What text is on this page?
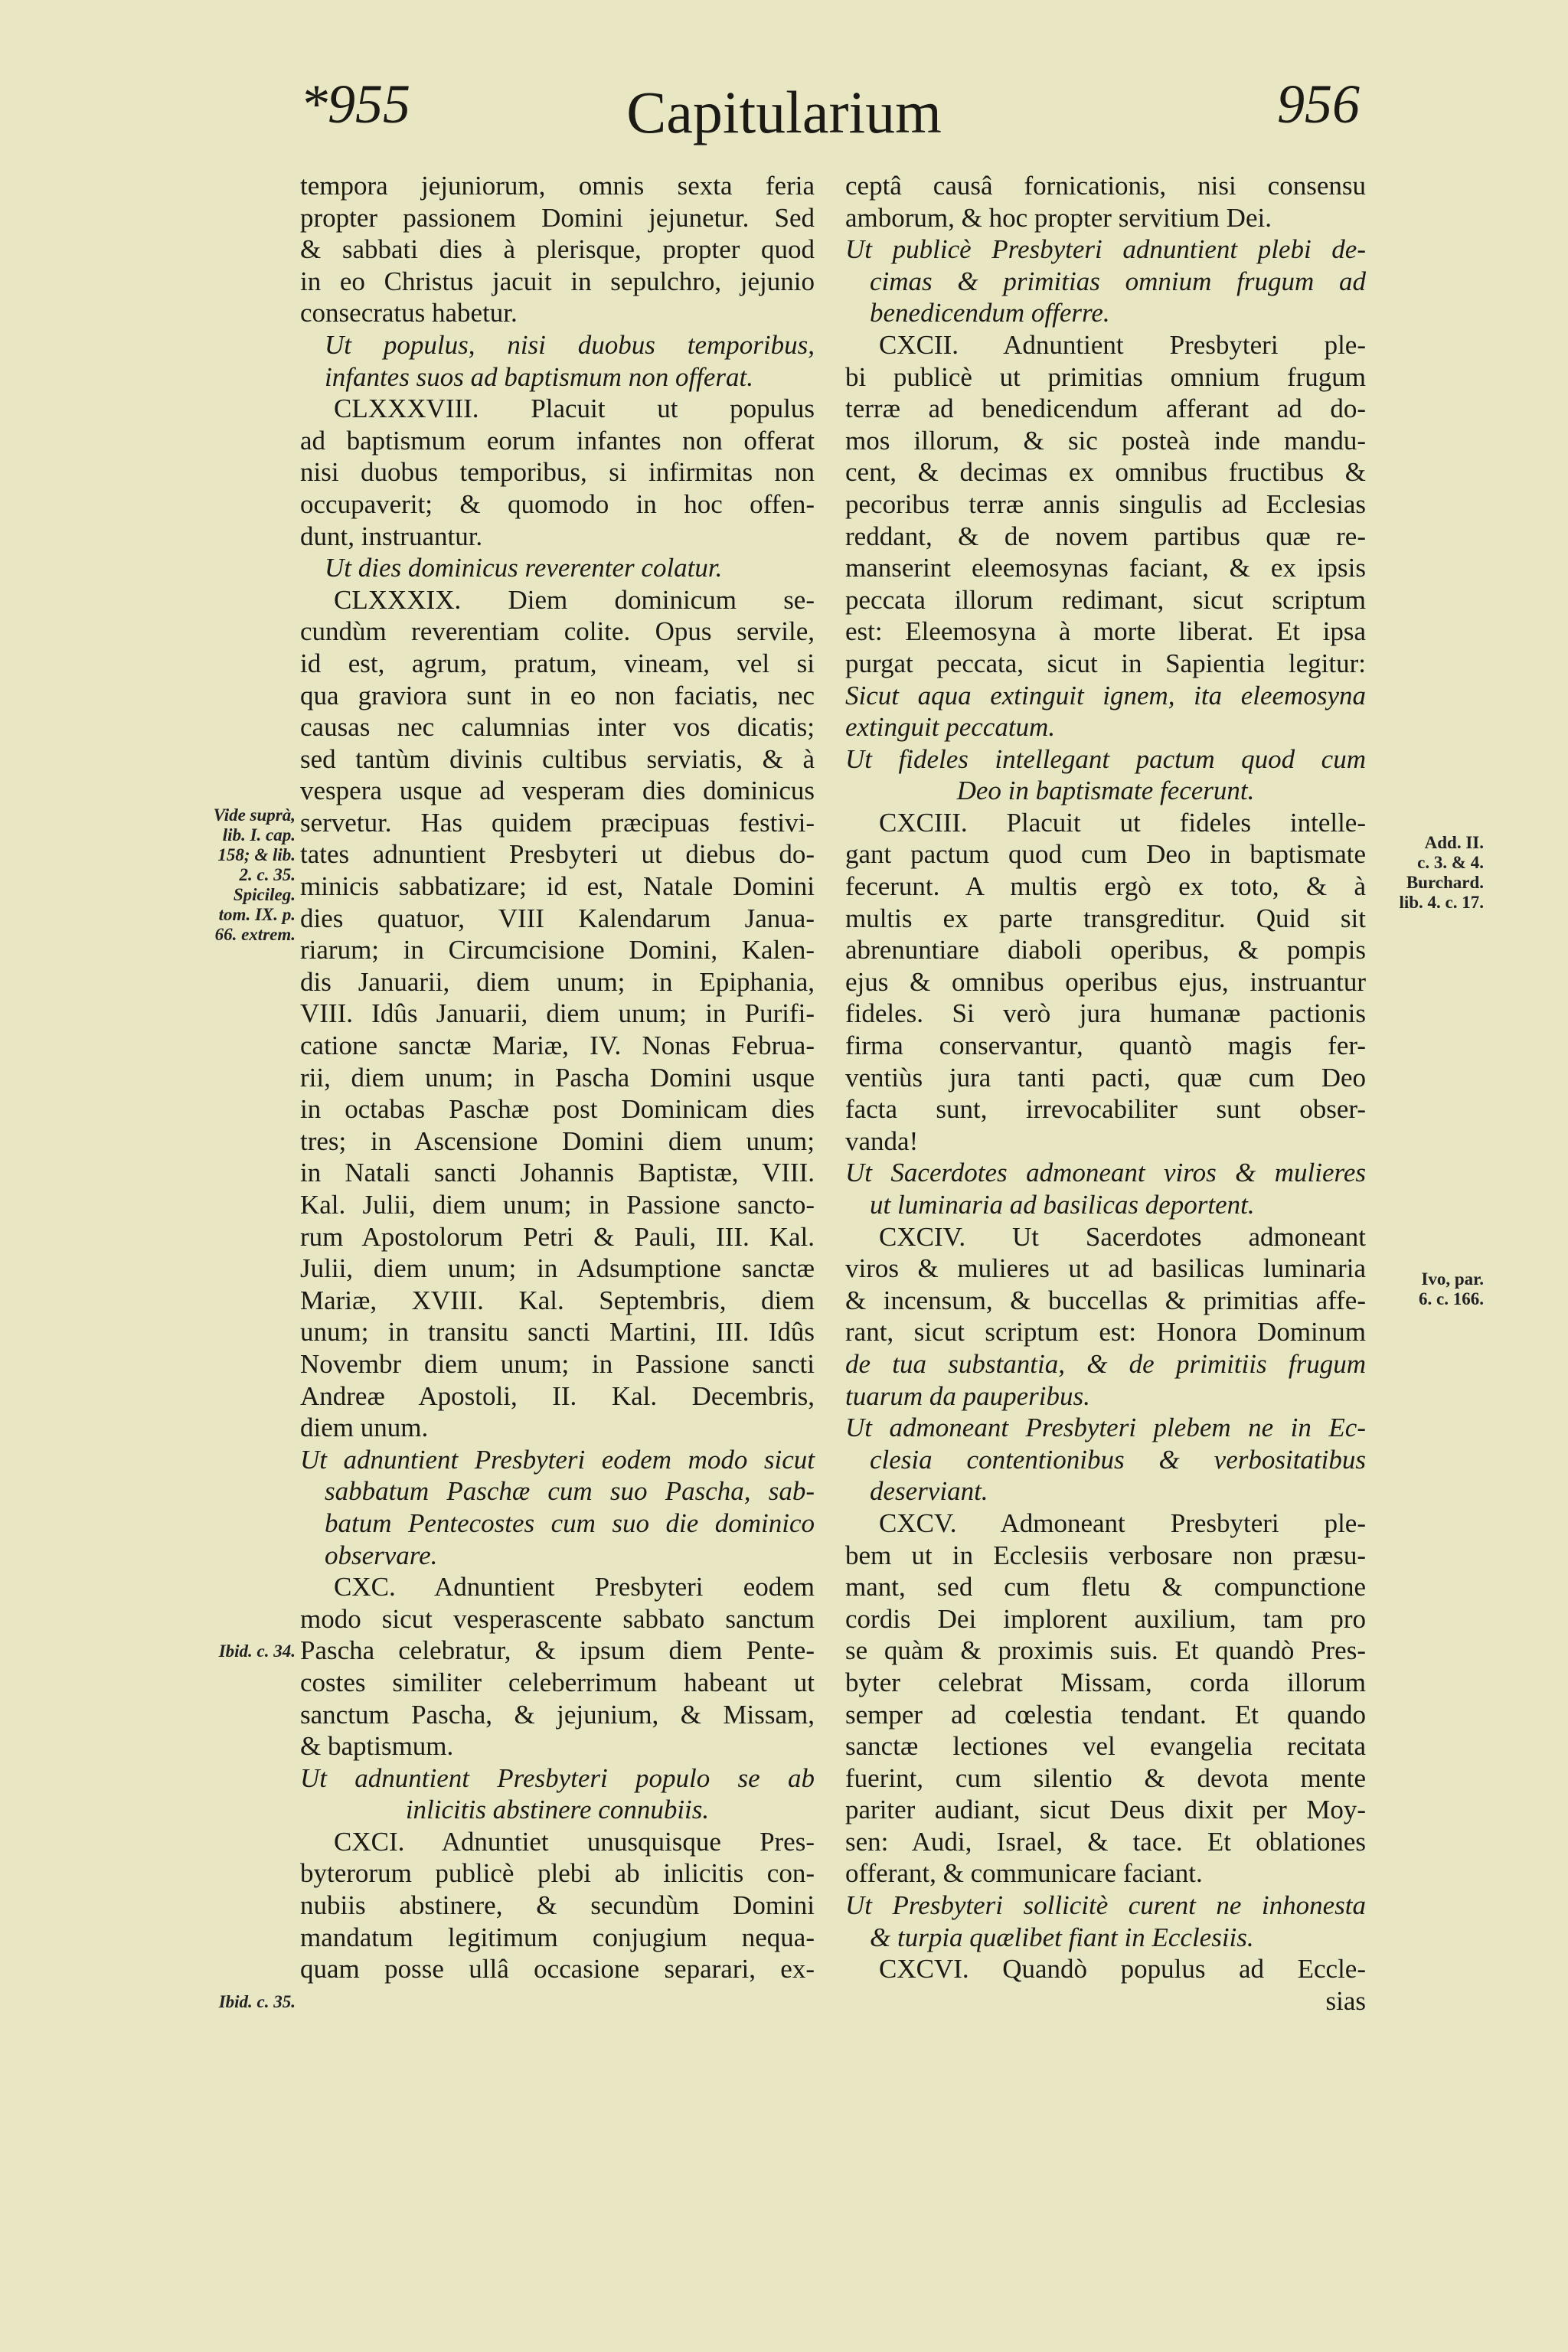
*955	Capitularium	956
tempora jejuniorum, omnis sexta feria
propter passionem Domini jejunetur. Sed
& sabbati dies à plerisque, propter quod
in eo Christus jacuit in sepulchro, jejunio
consecratus habetur.
Ut populus, nisi duobus temporibus,
infantes suos ad baptismum non offerat.
CLXXXVIII. Placuit ut populus
ad baptismum eorum infantes non offerat
nisi duobus temporibus, si infirmitas non
occupaverit; & quomodo in hoc offen-
dunt, instruantur.
Ut dies dominicus reverenter colatur.
CLXXXIX. Diem dominicum se-
cundùm reverentiam colite. Opus servile,
id est, agrum, pratum, vineam, vel si
qua graviora sunt in eo non faciatis, nec
causas nec calumnias inter vos dicatis;
sed tantùm divinis cultibus serviatis, & à
vespera usque ad vesperam dies dominicus
servetur. Has quidem præcipuas festivi-
tates adnuntient Presbyteri ut diebus do-
minicis sabbatizare; id est, Natale Domini
dies quatuor, VIII Kalendarum Janua-
riarum; in Circumcisione Domini, Kalen-
dis Januarii, diem unum; in Epiphania,
VIII. Idûs Januarii, diem unum; in Purifi-
catione sanctæ Mariæ, IV. Nonas Februa-
rii, diem unum; in Pascha Domini usque
in octabas Paschæ post Dominicam dies
tres; in Ascensione Domini diem unum;
in Natali sancti Johannis Baptistæ, VIII.
Kal. Julii, diem unum; in Passione sancto-
rum Apostolorum Petri & Pauli, III. Kal.
Julii, diem unum; in Adsumptione sanctæ
Mariæ, XVIII. Kal. Septembris, diem
unum; in transitu sancti Martini, III. Idûs
Novembr diem unum; in Passione sancti
Andreæ Apostoli, II. Kal. Decembris,
diem unum.
Ut adnuntient Presbyteri eodem modo sicut
sabbatum Paschæ cum suo Pascha, sab-
batum Pentecostes cum suo die dominico
observare.
CXC. Adnuntient Presbyteri eodem
modo sicut vesperascente sabbato sanctum
Pascha celebratur, & ipsum diem Pente-
costes similiter celeberrimum habeant ut
sanctum Pascha, & jejunium, & Missam,
& baptismum.
Ut adnuntient Presbyteri populo se ab
inlicitis abstinere connubiis.
CXCI. Adnuntiet unusquisque Pres-
byterorum publicè plebi ab inlicitis con-
nubiis abstinere, & secundùm Domini
mandatum legitimum conjugium nequa-
quam posse ullâ occasione separari, ex-
ceptâ causâ fornicationis, nisi consensu
amborum, & hoc propter servitium Dei.
Ut publicè Presbyteri adnuntient plebi de-
cimas & primitias omnium frugum ad
benedicendum offerre.
CXCII. Adnuntient Presbyteri ple-
bi publicè ut primitias omnium frugum
terræ ad benedicendum afferant ad do-
mos illorum, & sic posteà inde mandu-
cent, & decimas ex omnibus fructibus &
pecoribus terræ annis singulis ad Ecclesias
reddant, & de novem partibus quæ re-
manserint eleemosynas faciant, & ex ipsis
peccata illorum redimant, sicut scriptum
est: Eleemosyna à morte liberat. Et ipsa
purgat peccata, sicut in Sapientia legitur:
Sicut aqua extinguit ignem, ita eleemosyna
extinguit peccatum.
Ut fideles intellegant pactum quod cum
Deo in baptismate fecerunt.
CXCIII. Placuit ut fideles intelle-
gant pactum quod cum Deo in baptismate
fecerunt. A multis ergò ex toto, & à
multis ex parte transgreditur. Quid sit
abrenuntiare diaboli operibus, & pompis
ejus & omnibus operibus ejus, instruantur
fideles. Si verò jura humanæ pactionis
firma conservantur, quantò magis fer-
ventiùs jura tanti pacti, quæ cum Deo
facta sunt, irrevocabiliter sunt obser-
vanda!
Ut Sacerdotes admoneant viros & mulieres
ut luminaria ad basilicas deportent.
CXCIV. Ut Sacerdotes admoneant
viros & mulieres ut ad basilicas luminaria
& incensum, & buccellas & primitias affe-
rant, sicut scriptum est: Honora Dominum
de tua substantia, & de primitiis frugum
tuarum da pauperibus.
Ut admoneant Presbyteri plebem ne in Ec-
clesia contentionibus & verbositatibus
deserviant.
CXCV. Admoneant Presbyteri ple-
bem ut in Ecclesiis verbosare non præsu-
mant, sed cum fletu & compunctione
cordis Dei implorent auxilium, tam pro
se quàm & proximis suis. Et quandò Pres-
byter celebrat Missam, corda illorum
semper ad cœlestia tendant. Et quando
sanctæ lectiones vel evangelia recitata
fuerint, cum silentio & devota mente
pariter audiant, sicut Deus dixit per Moy-
sen: Audi, Israel, & tace. Et oblationes
offerant, & communicare faciant.
Ut Presbyteri sollicitè curent ne inhonesta
& turpia quælibet fiant in Ecclesiis.
CXCVI. Quandò populus ad Eccle-
sias
Vide suprà,
lib. I. cap.
158; & lib.
2. c. 35.
Spicileg.
tom. IX. p.
66. extrem.
Ibid. c. 34.
Ibid. c. 35.
Add. II.
c. 3. & 4.
Burchard.
lib. 4. c. 17.
Ivo, par.
6. c. 166.
